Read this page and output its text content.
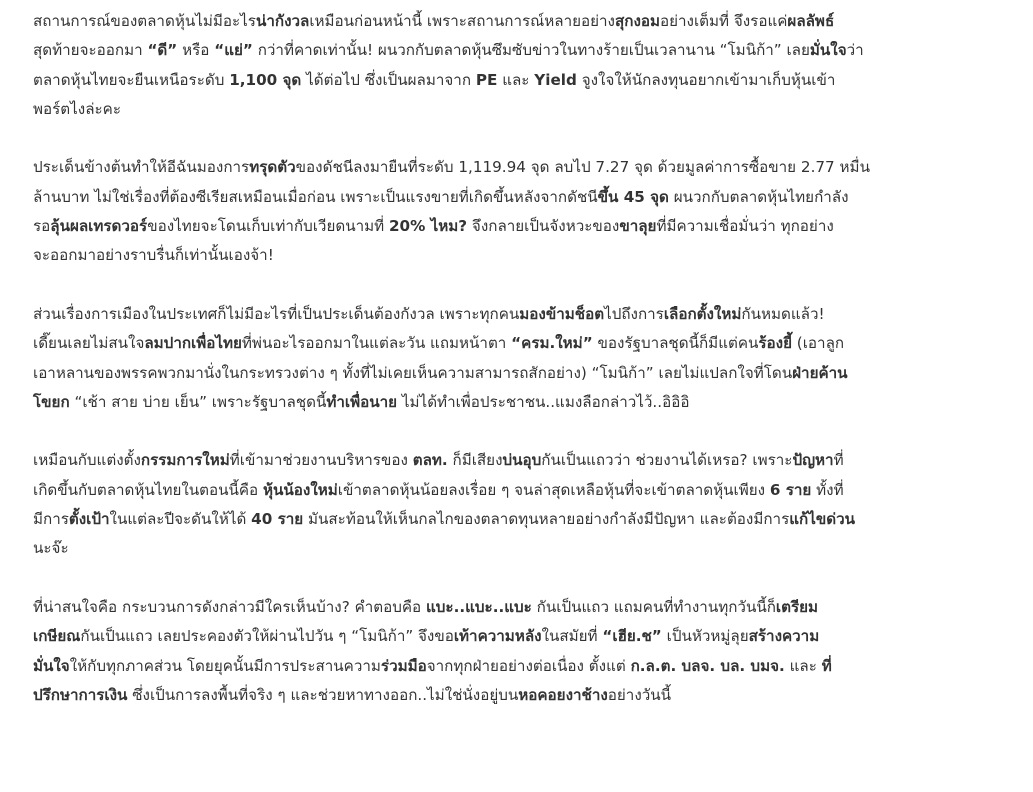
สถานการณ์ของตลาดหุ้นไม่มีอะไรน่ากังวลเหมือนก่อนหน้านี้ เพราะสถานการณ์หลายอย่างสุกงอมอย่างเต็มที่ จึงรอแค่ผลลัพธ์
สุดท้ายจะออกมา “ดี” หรือ “แย่” กว่าที่คาดเท่านั้น! ผนวกกับตลาดหุ้นซึมซับข่าวในทางร้ายเป็นเวลานาน “โมนิก้า” เลยมั่นใจว่า
ตลาดหุ้นไทยจะยืนเหนือระดับ 1,100 จุด ได้ต่อไป ซึ่งเป็นผลมาจาก PE และ Yield จูงใจให้นักลงทุนอยากเข้ามาเก็บหุ้นเข้า
พอร์ตไงล่ะคะ

ประเด็นข้างต้นทำให้อีฉันมองการทรุดตัวของดัชนีลงมายืนที่ระดับ 1,119.94 จุด ลบไป 7.27 จุด ด้วยมูลค่าการซื้อขาย 2.77 หมื่น
ล้านบาท ไม่ใช่เรื่องที่ต้องซีเรียสเหมือนเมื่อก่อน เพราะเป็นแรงขายที่เกิดขึ้นหลังจากดัชนีขึ้น 45 จุด ผนวกกับตลาดหุ้นไทยกำลัง
รอลุ้นผลเทรดวอร์ของไทยจะโดนเก็บเท่ากับเวียดนามที่ 20% ไหม? จึงกลายเป็นจังหวะของขาลุยที่มีความเชื่อมั่นว่า ทุกอย่าง
จะออกมาอย่างราบรื่นก็เท่านั้นเองจ้า!

ส่วนเรื่องการเมืองในประเทศก็ไม่มีอะไรที่เป็นประเด็นต้องกังวล เพราะทุกคนมองข้ามช็อตไปถึงการเลือกตั้งใหม่กันหมดแล้ว!
เดี๊ยนเลยไม่สนใจลมปากเพื่อไทยที่พ่นอะไรออกมาในแต่ละวัน แถมหน้าตา “ครม.ใหม่” ของรัฐบาลชุดนี้ก็มีแต่คนร้องยี้ (เอาลูก
เอาหลานของพรรคพวกมานั่งในกระทรวงต่าง ๆ ทั้งที่ไม่เคยเห็นความสามารถสักอย่าง) “โมนิก้า” เลยไม่แปลกใจที่โดนฝ่ายค้าน
โขยก “เช้า สาย บ่าย เย็น” เพราะรัฐบาลชุดนี้ทำเพื่อนาย ไม่ได้ทำเพื่อประชาชน..แมงลือกล่าวไว้..อิอิอิ

เหมือนกับแต่งตั้งกรรมการใหม่ที่เข้ามาช่วยงานบริหารของ ตลท. ก็มีเสียงบ่นอุบกันเป็นแถวว่า ช่วยงานได้เหรอ? เพราะปัญหาที่
เกิดขึ้นกับตลาดหุ้นไทยในตอนนี้คือ หุ้นน้องใหม่เข้าตลาดหุ้นน้อยลงเรื่อย ๆ จนล่าสุดเหลือหุ้นที่จะเข้าตลาดหุ้นเพียง 6 ราย ทั้งที่
มีการตั้งเป้าในแต่ละปีจะดันให้ได้ 40 ราย มันสะท้อนให้เห็นกลไกของตลาดทุนหลายอย่างกำลังมีปัญหา และต้องมีการแก้ไขด่วน
นะจ๊ะ

ที่น่าสนใจคือ กระบวนการดังกล่าวมีใครเห็นบ้าง? คำตอบคือ แบะ..แบะ..แบะ กันเป็นแถว แถมคนที่ทำงานทุกวันนี้ก็เตรียม
เกษียณกันเป็นแถว เลยประคองตัวให้ผ่านไปวัน ๆ “โมนิก้า” จึงขอเท้าความหลังในสมัยที่ “เฮีย.ช” เป็นหัวหมู่ลุยสร้างความ
มั่นใจให้กับทุกภาคส่วน โดยยุคนั้นมีการประสานความร่วมมือจากทุกฝ่ายอย่างต่อเนื่อง ตั้งแต่ ก.ล.ต. บลจ. บล. บมจ. และ ที่
ปรึกษาการเงิน ซึ่งเป็นการลงพื้นที่จริง ๆ และช่วยหาทางออก..ไม่ใช่นั่งอยู่บนหอคอยงาช้างอย่างวันนี้
